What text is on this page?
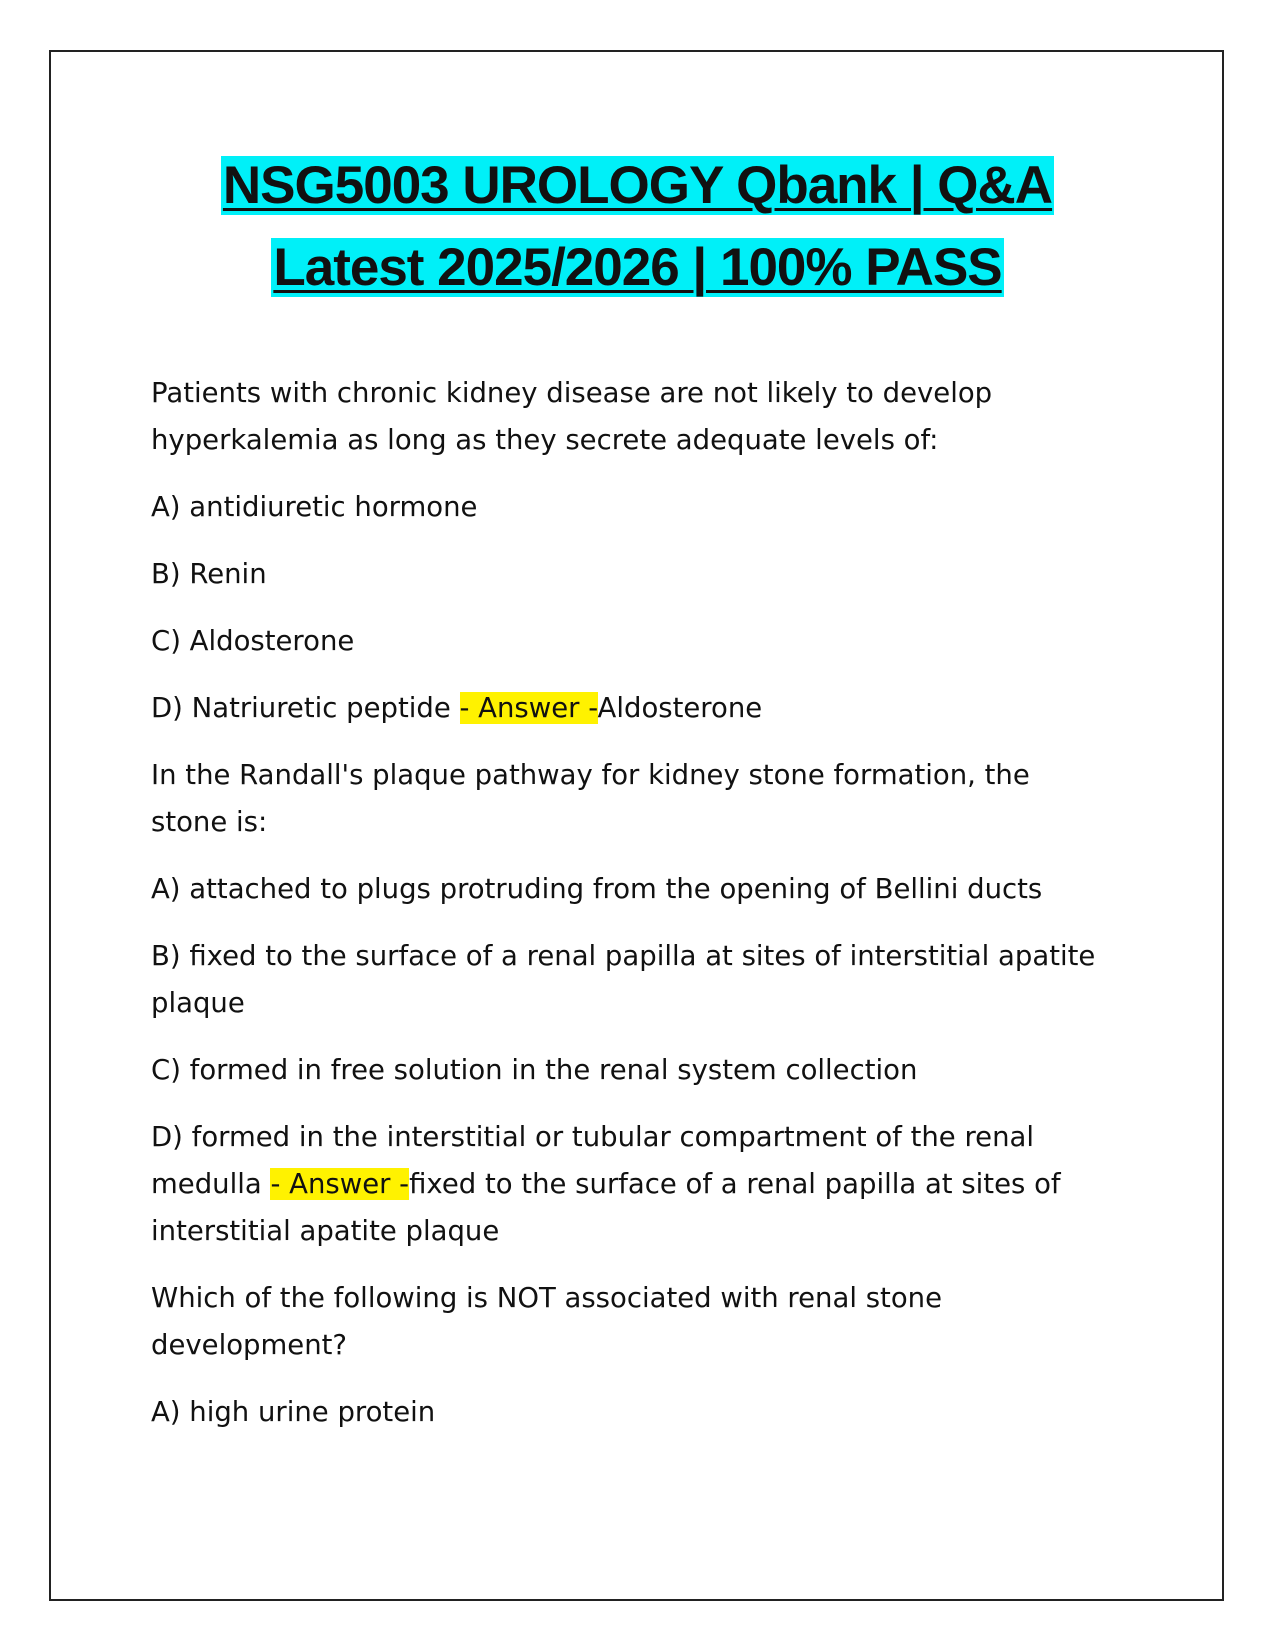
NSG5003 UROLOGY Qbank | Q&A
Latest 2025/2026 | 100% PASS

Patients with chronic kidney disease are not likely to develop hyperkalemia as long as they secrete adequate levels of:

A) antidiuretic hormone

B) Renin

C) Aldosterone

D) Natriuretic peptide - Answer -Aldosterone

In the Randall's plaque pathway for kidney stone formation, the stone is:

A) attached to plugs protruding from the opening of Bellini ducts

B) fixed to the surface of a renal papilla at sites of interstitial apatite plaque

C) formed in free solution in the renal system collection

D) formed in the interstitial or tubular compartment of the renal medulla - Answer -fixed to the surface of a renal papilla at sites of interstitial apatite plaque

Which of the following is NOT associated with renal stone development?

A) high urine protein
